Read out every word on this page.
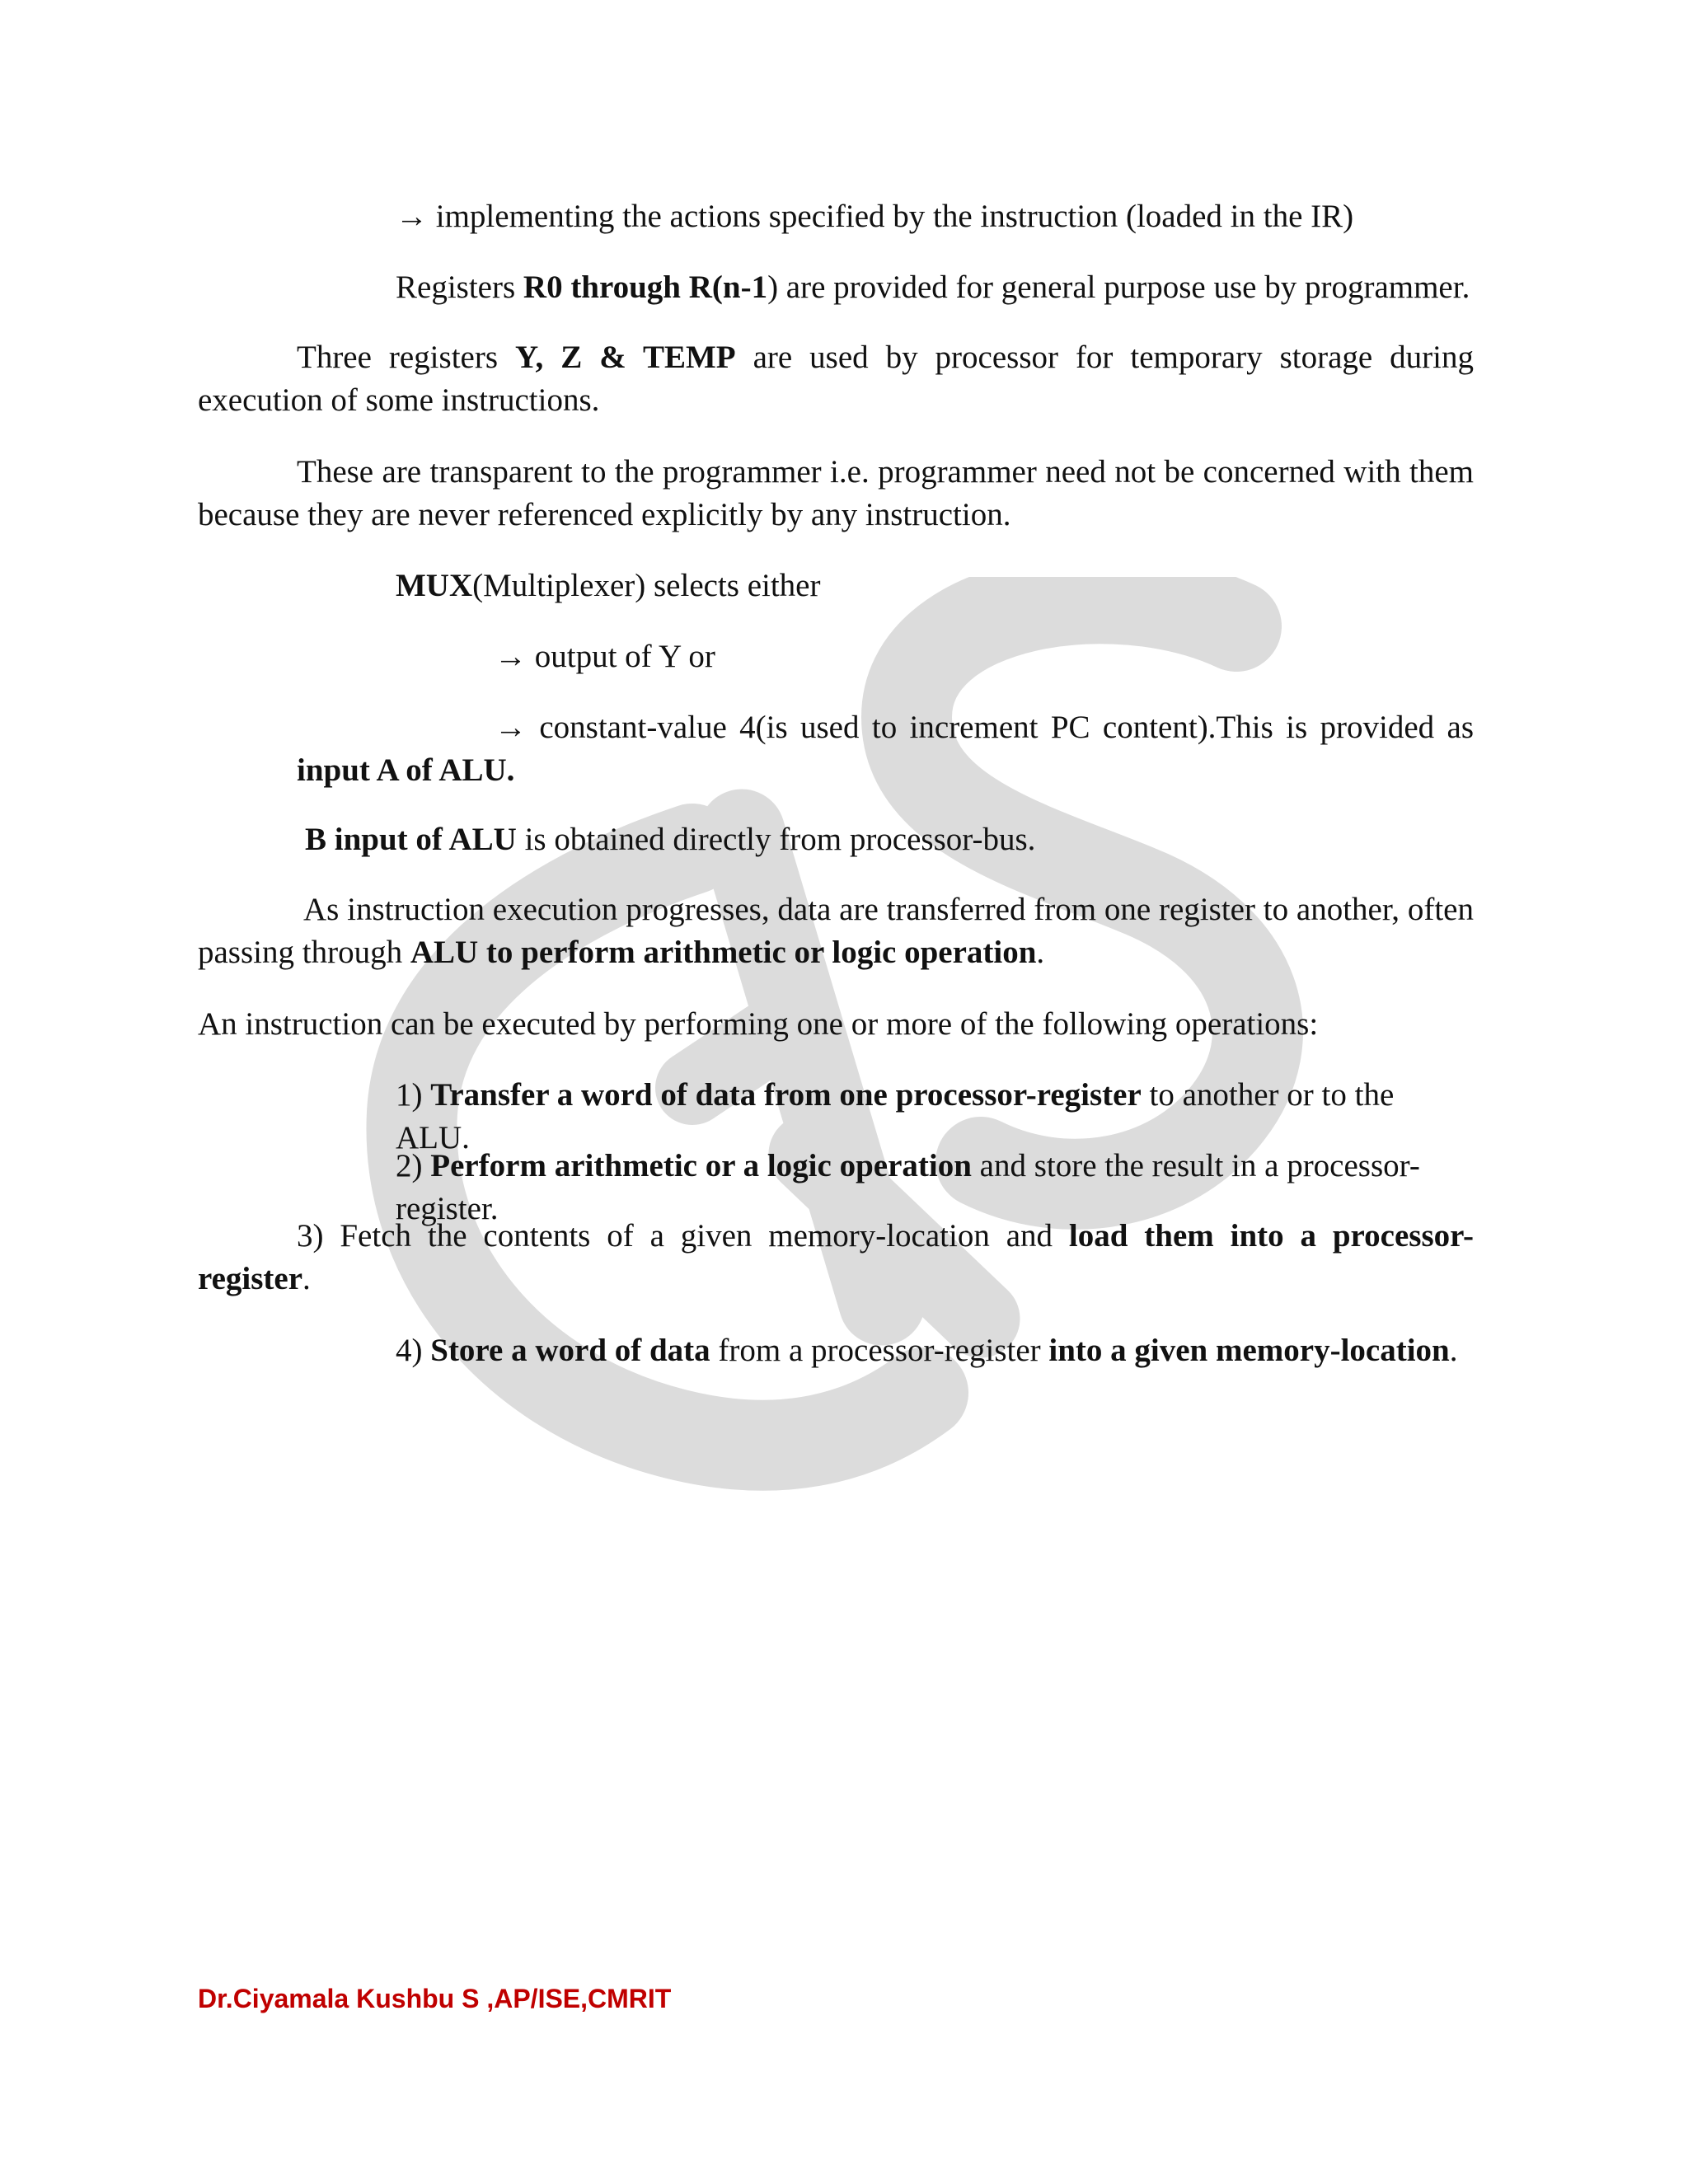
→ implementing the actions specified by the instruction (loaded in the IR)

Registers R0 through R(n-1) are provided for general purpose use by programmer.

Three registers Y, Z & TEMP are used by processor for temporary storage during execution of some instructions.

These are transparent to the programmer i.e. programmer need not be concerned with them because they are never referenced explicitly by any instruction.

MUX(Multiplexer) selects either

→ output of Y or

→ constant-value 4(is used to increment PC content).This is provided as input A of ALU.

B input of ALU is obtained directly from processor-bus.

As instruction execution progresses, data are transferred from one register to another, often passing through ALU to perform arithmetic or logic operation.

An instruction can be executed by performing one or more of the following operations:

1) Transfer a word of data from one processor-register to another or to the ALU.

2) Perform arithmetic or a logic operation and store the result in a processor-register.

3) Fetch the contents of a given memory-location and load them into a processor-register.

4) Store a word of data from a processor-register into a given memory-location.

Dr.Ciyamala Kushbu S ,AP/ISE,CMRIT
